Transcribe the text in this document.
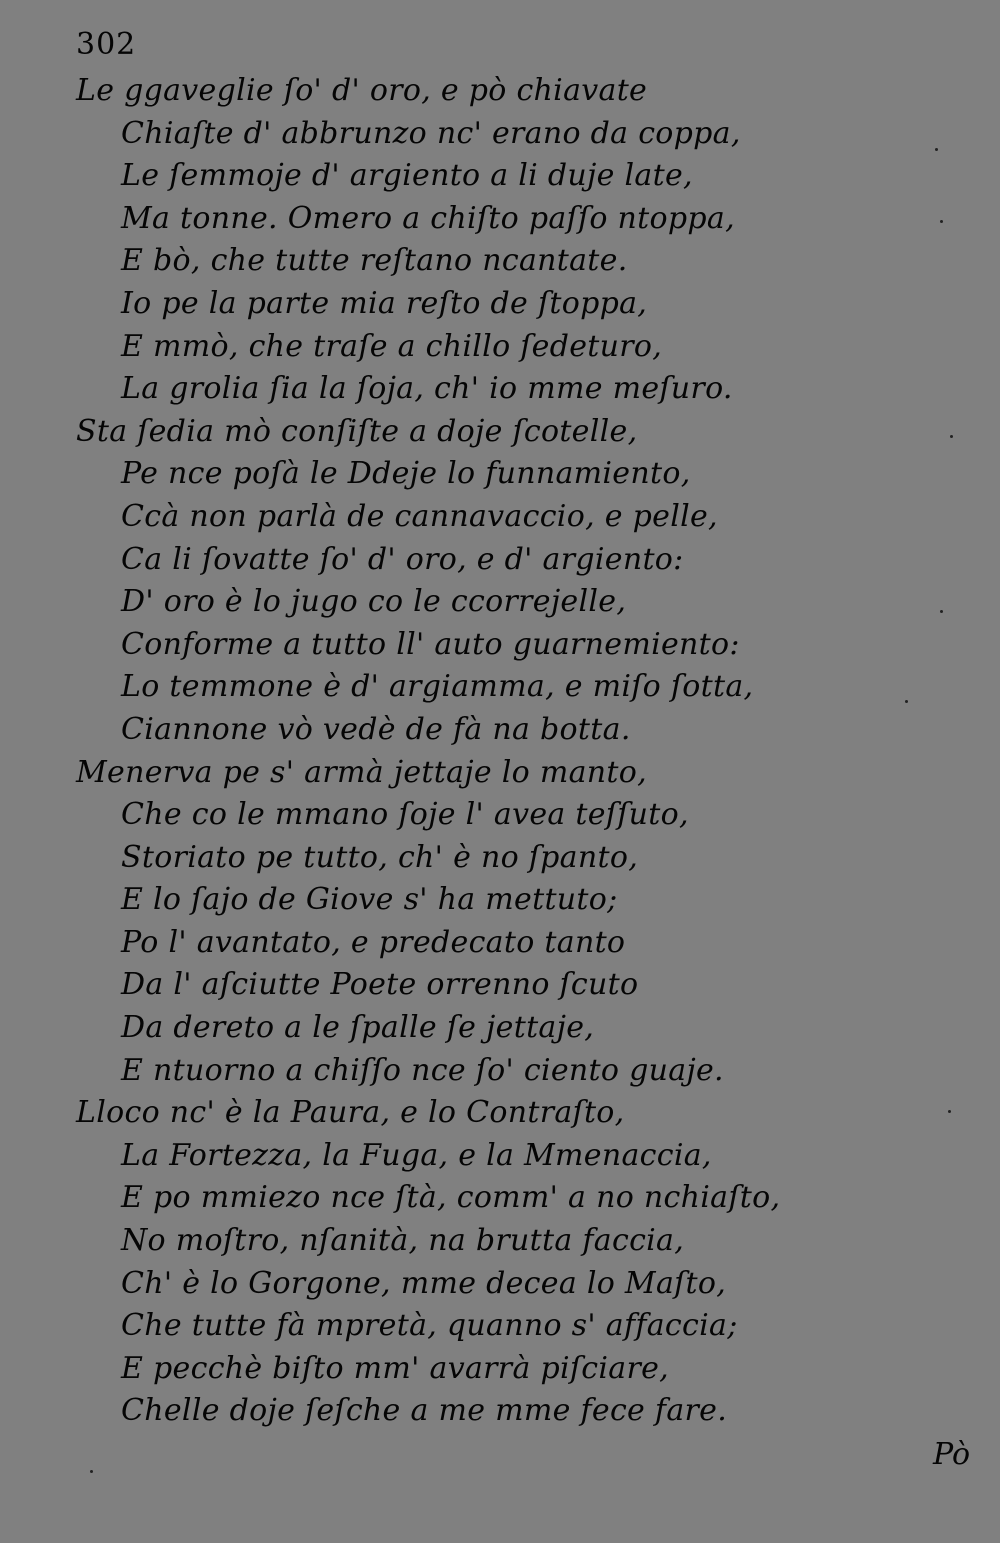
302
Le ggaveglie ſo' d' oro, e pò chiavate
Chiaſte d' abbrunzo nc' erano da coppa,
Le ſemmoje d' argiento a li duje late,
Ma tonne. Omero a chiſto paſſo ntoppa,
E bò, che tutte reſtano ncantate.
Io pe la parte mia reſto de ſtoppa,
E mmò, che traſe a chillo ſedeturo,
La grolia ſia la ſoja, ch' io mme meſuro.
Sta ſedia mò conſiſte a doje ſcotelle,
Pe nce poſà le Ddeje lo funnamiento,
Ccà non parlà de cannavaccio, e pelle,
Ca li ſovatte ſo' d' oro, e d' argiento:
D' oro è lo jugo co le ccorrejelle,
Conforme a tutto ll' auto guarnemiento:
Lo temmone è d' argiamma, e miſo ſotta,
Ciannone vò vedè de fà na botta.
Menerva pe s' armà jettaje lo manto,
Che co le mmano ſoje l' avea teſſuto,
Storiato pe tutto, ch' è no ſpanto,
E lo ſajo de Giove s' ha mettuto;
Po l' avantato, e predecato tanto
Da l' aſciutte Poete orrenno ſcuto
Da dereto a le ſpalle ſe jettaje,
E ntuorno a chiſſo nce ſo' ciento guaje.
Lloco nc' è la Paura, e lo Contraſto,
La Fortezza, la Fuga, e la Mmenaccia,
E po mmiezo nce ſtà, comm' a no nchiaſto,
No moſtro, nſanità, na brutta faccia,
Ch' è lo Gorgone, mme decea lo Maſto,
Che tutte fà mpretà, quanno s' affaccia;
E pecchè biſto mm' avarrà piſciare,
Chelle doje ſeſche a me mme fece fare.
Pò
